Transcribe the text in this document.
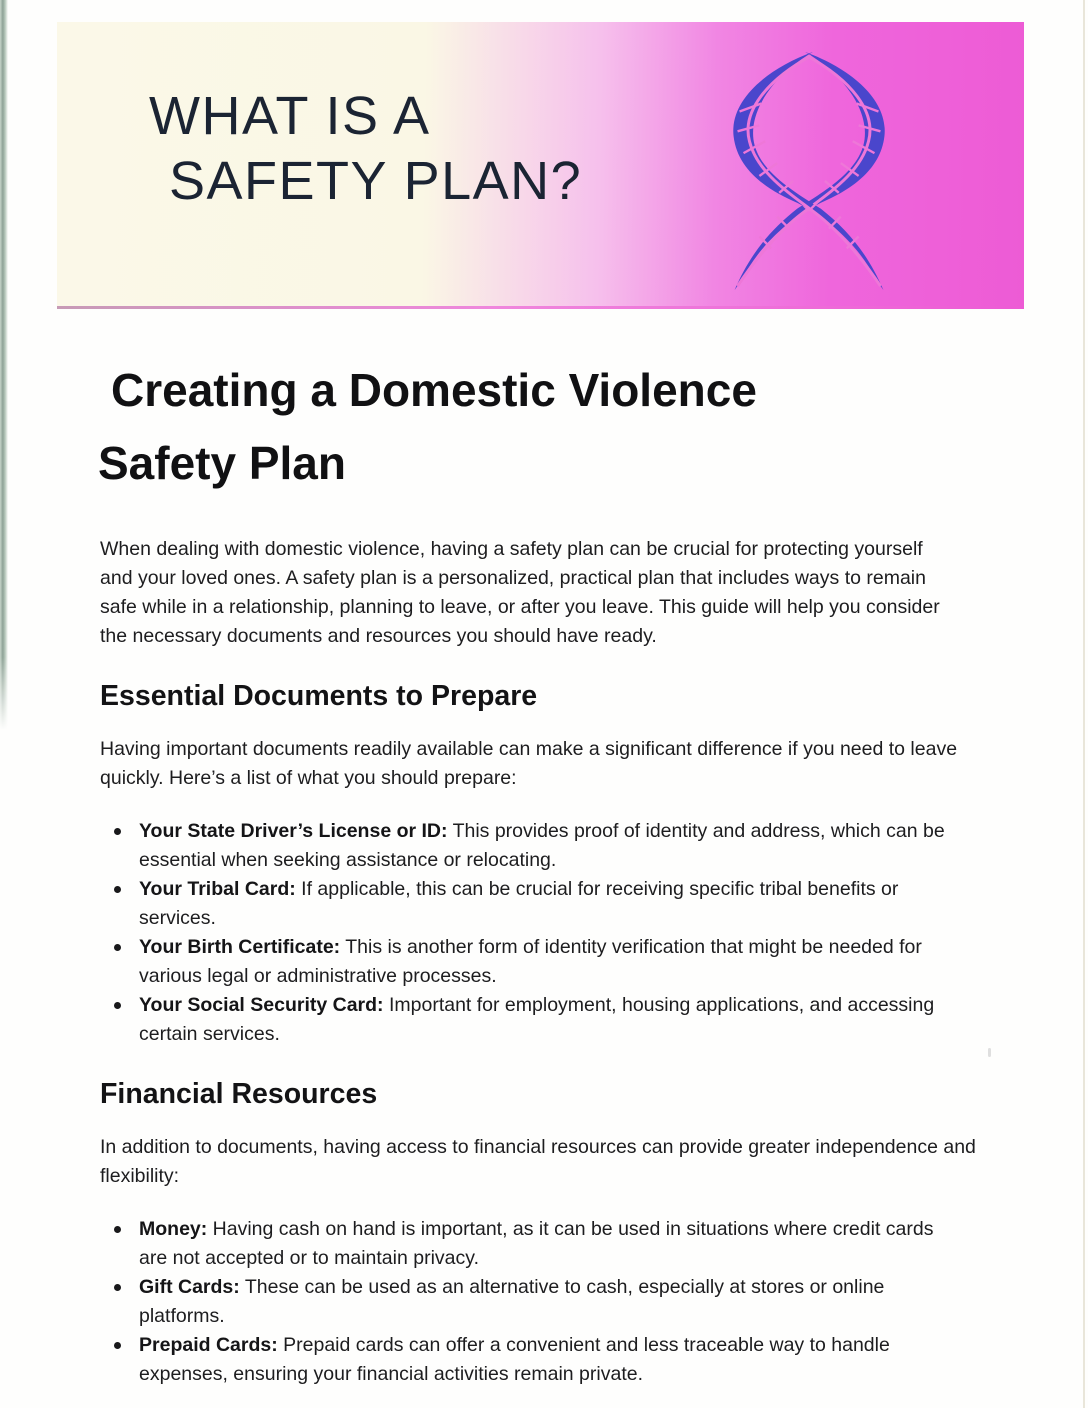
WHAT IS A
SAFETY PLAN?
Creating a Domestic Violence
Safety Plan

When dealing with domestic violence, having a safety plan can be crucial for protecting yourself and your loved ones. A safety plan is a personalized, practical plan that includes ways to remain safe while in a relationship, planning to leave, or after you leave. This guide will help you consider the necessary documents and resources you should have ready.

Essential Documents to Prepare

Having important documents readily available can make a significant difference if you need to leave quickly. Here’s a list of what you should prepare:

Your State Driver’s License or ID: This provides proof of identity and address, which can be essential when seeking assistance or relocating.
Your Tribal Card: If applicable, this can be crucial for receiving specific tribal benefits or services.
Your Birth Certificate: This is another form of identity verification that might be needed for various legal or administrative processes.
Your Social Security Card: Important for employment, housing applications, and accessing certain services.
Financial Resources

In addition to documents, having access to financial resources can provide greater independence and flexibility:

Money: Having cash on hand is important, as it can be used in situations where credit cards are not accepted or to maintain privacy.
Gift Cards: These can be used as an alternative to cash, especially at stores or online platforms.
Prepaid Cards: Prepaid cards can offer a convenient and less traceable way to handle expenses, ensuring your financial activities remain private.
